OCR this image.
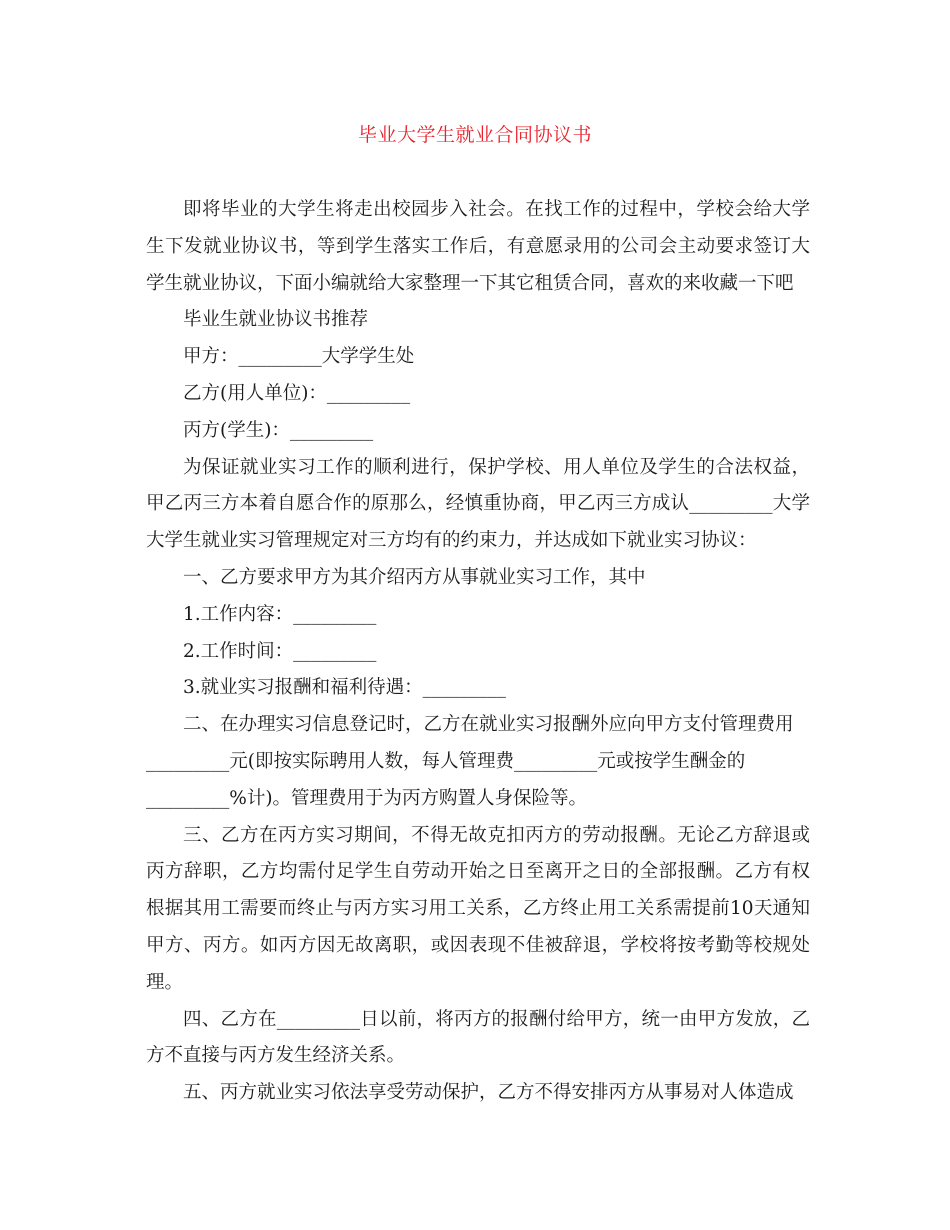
毕业大学生就业合同协议书

即将毕业的大学生将走出校园步入社会。在找工作的过程中，学校会给大学生下发就业协议书，等到学生落实工作后，有意愿录用的公司会主动要求签订大学生就业协议，下面小编就给大家整理一下其它租赁合同，喜欢的来收藏一下吧

毕业生就业协议书推荐

甲方：_________大学学生处

乙方(用人单位)：_________

丙方(学生)：_________

为保证就业实习工作的顺利进行，保护学校、用人单位及学生的合法权益，甲乙丙三方本着自愿合作的原那么，经慎重协商，甲乙丙三方成认_________大学大学生就业实习管理规定对三方均有的约束力，并达成如下就业实习协议：

一、乙方要求甲方为其介绍丙方从事就业实习工作，其中

1.工作内容：_________

2.工作时间：_________

3.就业实习报酬和福利待遇：_________

二、在办理实习信息登记时，乙方在就业实习报酬外应向甲方支付管理费用

_________元(即按实际聘用人数，每人管理费_________元或按学生酬金的

_________%计)。管理费用于为丙方购置人身保险等。

三、乙方在丙方实习期间，不得无故克扣丙方的劳动报酬。无论乙方辞退或丙方辞职，乙方均需付足学生自劳动开始之日至离开之日的全部报酬。乙方有权根据其用工需要而终止与丙方实习用工关系，乙方终止用工关系需提前10天通知甲方、丙方。如丙方因无故离职，或因表现不佳被辞退，学校将按考勤等校规处理。

四、乙方在_________日以前，将丙方的报酬付给甲方，统一由甲方发放，乙方不直接与丙方发生经济关系。

五、丙方就业实习依法享受劳动保护，乙方不得安排丙方从事易对人体造成
